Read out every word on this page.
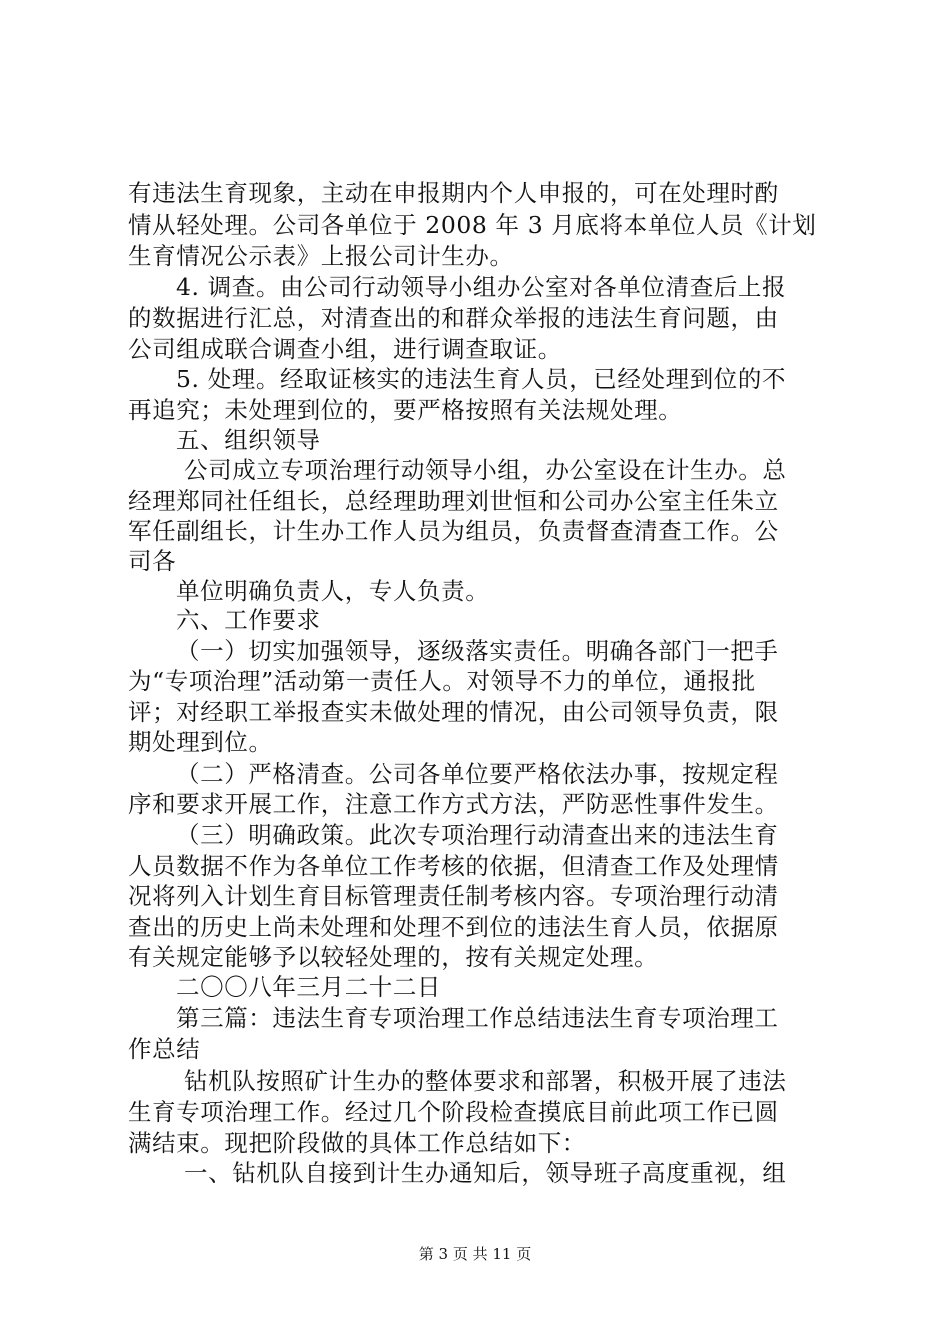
有违法生育现象，主动在申报期内个人申报的，可在处理时酌
情从轻处理。公司各单位于 2008 年 3 月底将本单位人员《计划
生育情况公示表》上报公司计生办。
4. 调查。由公司行动领导小组办公室对各单位清查后上报
的数据进行汇总，对清查出的和群众举报的违法生育问题，由
公司组成联合调查小组，进行调查取证。
5. 处理。经取证核实的违法生育人员，已经处理到位的不
再追究；未处理到位的，要严格按照有关法规处理。
五、组织领导
公司成立专项治理行动领导小组，办公室设在计生办。总
经理郑同社任组长，总经理助理刘世恒和公司办公室主任朱立
军任副组长，计生办工作人员为组员，负责督查清查工作。公
司各
单位明确负责人，专人负责。
六、工作要求
（一）切实加强领导，逐级落实责任。明确各部门一把手
为“专项治理”活动第一责任人。对领导不力的单位，通报批
评；对经职工举报查实未做处理的情况，由公司领导负责，限
期处理到位。
（二）严格清查。公司各单位要严格依法办事，按规定程
序和要求开展工作，注意工作方式方法，严防恶性事件发生。
（三）明确政策。此次专项治理行动清查出来的违法生育
人员数据不作为各单位工作考核的依据，但清查工作及处理情
况将列入计划生育目标管理责任制考核内容。专项治理行动清
查出的历史上尚未处理和处理不到位的违法生育人员，依据原
有关规定能够予以较轻处理的，按有关规定处理。
二〇〇八年三月二十二日
第三篇：违法生育专项治理工作总结违法生育专项治理工
作总结
钻机队按照矿计生办的整体要求和部署，积极开展了违法
生育专项治理工作。经过几个阶段检查摸底目前此项工作已圆
满结束。现把阶段做的具体工作总结如下：
一、钻机队自接到计生办通知后，领导班子高度重视，组
第 3 页 共 11 页
